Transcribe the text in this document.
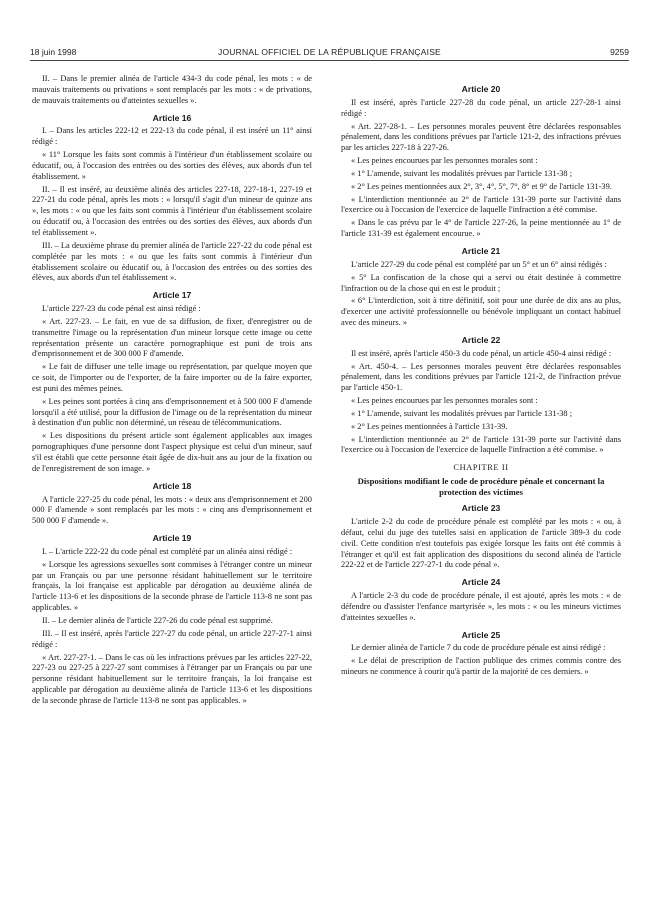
18 juin 1998	JOURNAL OFFICIEL DE LA RÉPUBLIQUE FRANÇAISE	9259

II. – Dans le premier alinéa de l'article 434-3 du code pénal, les mots : « de mauvais traitements ou privations » sont remplacés par les mots : « de privations, de mauvais traitements ou d'atteintes sexuelles ».

Article 16

I. – Dans les articles 222-12 et 222-13 du code pénal, il est inséré un 11° ainsi rédigé :

« 11° Lorsque les faits sont commis à l'intérieur d'un établissement scolaire ou éducatif, ou, à l'occasion des entrées ou des sorties des élèves, aux abords d'un tel établissement. »

II. – Il est inséré, au deuxième alinéa des articles 227-18, 227-18-1, 227-19 et 227-21 du code pénal, après les mots : « lorsqu'il s'agit d'un mineur de quinze ans », les mots : « ou que les faits sont commis à l'intérieur d'un établissement scolaire ou éducatif ou, à l'occasion des entrées ou des sorties des élèves, aux abords d'un tel établissement ».

III. – La deuxième phrase du premier alinéa de l'article 227-22 du code pénal est complétée par les mots : « ou que les faits sont commis à l'intérieur d'un établissement scolaire ou éducatif ou, à l'occasion des entrées ou des sorties des élèves, aux abords d'un tel établissement ».

Article 17

L'article 227-23 du code pénal est ainsi rédigé :

« Art. 227-23. – Le fait, en vue de sa diffusion, de fixer, d'enregistrer ou de transmettre l'image ou la représentation d'un mineur lorsque cette image ou cette représentation présente un caractère pornographique est puni de trois ans d'emprisonnement et de 300 000 F d'amende.

« Le fait de diffuser une telle image ou représentation, par quelque moyen que ce soit, de l'importer ou de l'exporter, de la faire importer ou de la faire exporter, est puni des mêmes peines.

« Les peines sont portées à cinq ans d'emprisonnement et à 500 000 F d'amende lorsqu'il a été utilisé, pour la diffusion de l'image ou de la représentation du mineur à destination d'un public non déterminé, un réseau de télécommunications.

« Les dispositions du présent article sont également applicables aux images pornographiques d'une personne dont l'aspect physique est celui d'un mineur, sauf s'il est établi que cette personne était âgée de dix-huit ans au jour de la fixation ou de l'enregistrement de son image. »

Article 18

A l'article 227-25 du code pénal, les mots : « deux ans d'emprisonnement et 200 000 F d'amende » sont remplacés par les mots : « cinq ans d'emprisonnement et 500 000 F d'amende ».

Article 19

I. – L'article 222-22 du code pénal est complété par un alinéa ainsi rédigé :

« Lorsque les agressions sexuelles sont commises à l'étranger contre un mineur par un Français ou par une personne résidant habituellement sur le territoire français, la loi française est applicable par dérogation au deuxième alinéa de l'article 113-6 et les dispositions de la seconde phrase de l'article 113-8 ne sont pas applicables. »

II. – Le dernier alinéa de l'article 227-26 du code pénal est supprimé.

III. – Il est inséré, après l'article 227-27 du code pénal, un article 227-27-1 ainsi rédigé :

« Art. 227-27-1. – Dans le cas où les infractions prévues par les articles 227-22, 227-23 ou 227-25 à 227-27 sont commises à l'étranger par un Français ou par une personne résidant habituellement sur le territoire français, la loi française est applicable par dérogation au deuxième alinéa de l'article 113-6 et les dispositions de la seconde phrase de l'article 113-8 ne sont pas applicables. »

Article 20

Il est inséré, après l'article 227-28 du code pénal, un article 227-28-1 ainsi rédigé :

« Art. 227-28-1. – Les personnes morales peuvent être déclarées responsables pénalement, dans les conditions prévues par l'article 121-2, des infractions prévues par les articles 227-18 à 227-26.

« Les peines encourues par les personnes morales sont :

« 1° L'amende, suivant les modalités prévues par l'article 131-38 ;

« 2° Les peines mentionnées aux 2°, 3°, 4°, 5°, 7°, 8° et 9° de l'article 131-39.

« L'interdiction mentionnée au 2° de l'article 131-39 porte sur l'activité dans l'exercice ou à l'occasion de l'exercice de laquelle l'infraction a été commise.

« Dans le cas prévu par le 4° de l'article 227-26, la peine mentionnée au 1° de l'article 131-39 est également encourue. »

Article 21

L'article 227-29 du code pénal est complété par un 5° et un 6° ainsi rédigés :

« 5° La confiscation de la chose qui a servi ou était destinée à commettre l'infraction ou de la chose qui en est le produit ;

« 6° L'interdiction, soit à titre définitif, soit pour une durée de dix ans au plus, d'exercer une activité professionnelle ou bénévole impliquant un contact habituel avec des mineurs. »

Article 22

Il est inséré, après l'article 450-3 du code pénal, un article 450-4 ainsi rédigé :

« Art. 450-4. – Les personnes morales peuvent être déclarées responsables pénalement, dans les conditions prévues par l'article 121-2, de l'infraction prévue par l'article 450-1.

« Les peines encourues par les personnes morales sont :

« 1° L'amende, suivant les modalités prévues par l'article 131-38 ;

« 2° Les peines mentionnées à l'article 131-39.

« L'interdiction mentionnée au 2° de l'article 131-39 porte sur l'activité dans l'exercice ou à l'occasion de l'exercice de laquelle l'infraction a été commise. »

CHAPITRE II
Dispositions modifiant le code de procédure pénale et concernant la protection des victimes
Article 23

L'article 2-2 du code de procédure pénale est complété par les mots : « ou, à défaut, celui du juge des tutelles saisi en application de l'article 389-3 du code civil. Cette condition n'est toutefois pas exigée lorsque les faits ont été commis à l'étranger et qu'il est fait application des dispositions du second alinéa de l'article 222-22 et de l'article 227-27-1 du code pénal ».

Article 24

A l'article 2-3 du code de procédure pénale, il est ajouté, après les mots : « de défendre ou d'assister l'enfance martyrisée », les mots : « ou les mineurs victimes d'atteintes sexuelles ».

Article 25

Le dernier alinéa de l'article 7 du code de procédure pénale est ainsi rédigé :

« Le délai de prescription de l'action publique des crimes commis contre des mineurs ne commence à courir qu'à partir de la majorité de ces derniers. »
